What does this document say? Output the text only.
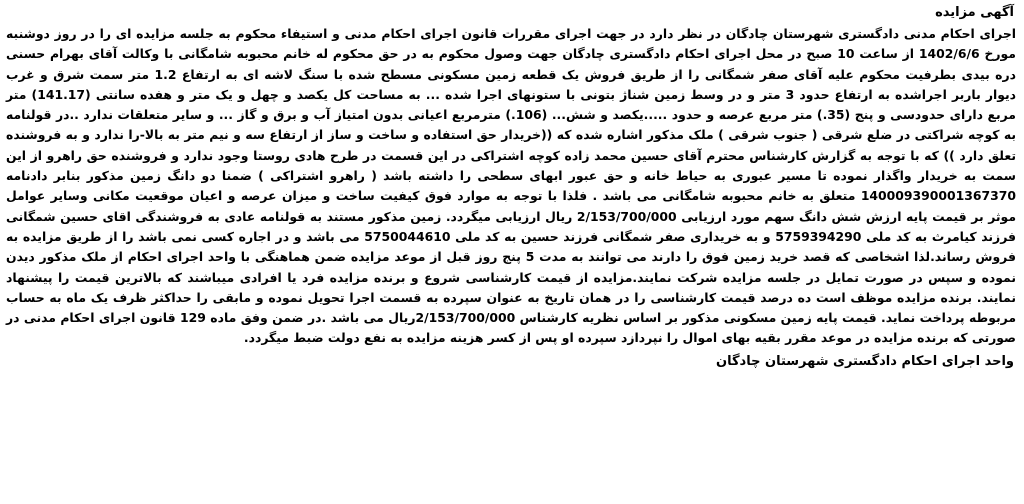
آگهی مزایده

اجرای احکام مدنی دادگستری شهرستان چادگان در نظر دارد در جهت اجرای مقررات قانون اجرای احکام مدنی و استیفاء محکوم به جلسه مزایده ای را در روز دوشنبه مورخ 1402/6/6 از ساعت 10 صبح در محل اجرای احکام دادگستری چادگان جهت وصول محکوم به در حق محکوم له خانم محبوبه شامگانی با وکالت آقای بهرام حسنی دره بیدی بطرفیت محکوم علیه آقای صفر شمگانی را از طریق فروش یک قطعه زمین مسکونی مسطح شده با سنگ لاشه ای به ارتفاع 1.2 متر سمت شرق و غرب دیوار باربر اجراشده به ارتفاع حدود 3 متر و در وسط زمین شناژ بتونی با ستونهای اجرا شده ... به مساحت کل یکصد و چهل و یک متر و هفده سانتی (141.17) متر مربع دارای حدودسی و پنج (35.) متر مربع عرصه و حدود .....یکصد و شش... (106.) مترمربع اعیانی بدون امتیاز آب و برق و گاز ... و سایر متعلقات ندارد ..در قولنامه به کوچه شراکتی در ضلع شرقی ( جنوب شرقی ) ملک مذکور اشاره شده که ((خریدار حق استفاده و ساخت و ساز از ارتفاع سه و نیم متر به بالا-را ندارد و به فروشنده تعلق دارد )) که با توجه به گزارش کارشناس محترم آقای حسین محمد زاده کوچه اشتراکی در این قسمت در طرح هادی روستا وجود ندارد و فروشنده حق راهرو از این سمت به خریدار واگذار نموده تا مسیر عبوری به حیاط خانه و حق عبور ابهای سطحی را داشته باشد ( راهرو اشتراکی ) ضمنا دو دانگ زمین مذکور بنابر دادنامه 140009390001367370 متعلق به خانم محبوبه شامگانی می باشد . فلذا با توجه به موارد فوق کیفیت ساخت و میزان عرصه و اعیان موقعیت مکانی وسایر عوامل موثر بر قیمت پایه ارزش شش دانگ سهم مورد ارزیابی 2/153/700/000 ریال ارزیابی میگردد. زمین مذکور مستند به قولنامه عادی به فروشندگی اقای حسین شمگانی فرزند کیامرث به کد ملی 5759394290 و به خریداری صفر شمگانی فرزند حسین به کد ملی 5750044610 می باشد و در اجاره کسی نمی باشد را از طریق مزایده به فروش رساند.لذا اشخاصی که قصد خرید زمین فوق را دارند می توانند به مدت 5 پنج روز قبل از موعد مزایده ضمن هماهنگی با واحد اجرای احکام از ملک مذکور دیدن نموده و سپس در صورت تمایل در جلسه مزایده شرکت نمایند.مزایده از قیمت کارشناسی شروع و برنده مزایده فرد یا افرادی میباشند که بالاترین قیمت را پیشنهاد نمایند. برنده مزایده موظف است ده درصد قیمت کارشناسی را در همان تاریخ به عنوان سپرده به قسمت اجرا تحویل نموده و مابقی را حداکثر ظرف یک ماه به حساب مربوطه پرداخت نماید. قیمت پایه زمین مسکونی مذکور بر اساس نظریه کارشناس 2/153/700/000ریال می باشد .در ضمن وفق ماده 129 قانون اجرای احکام مدنی در صورتی که برنده مزایده در موعد مقرر بقیه بهای اموال را نپردازد سپرده او پس از کسر هزینه مزایده به نفع دولت ضبط میگردد.

واحد اجرای احکام دادگستری شهرستان چادگان
